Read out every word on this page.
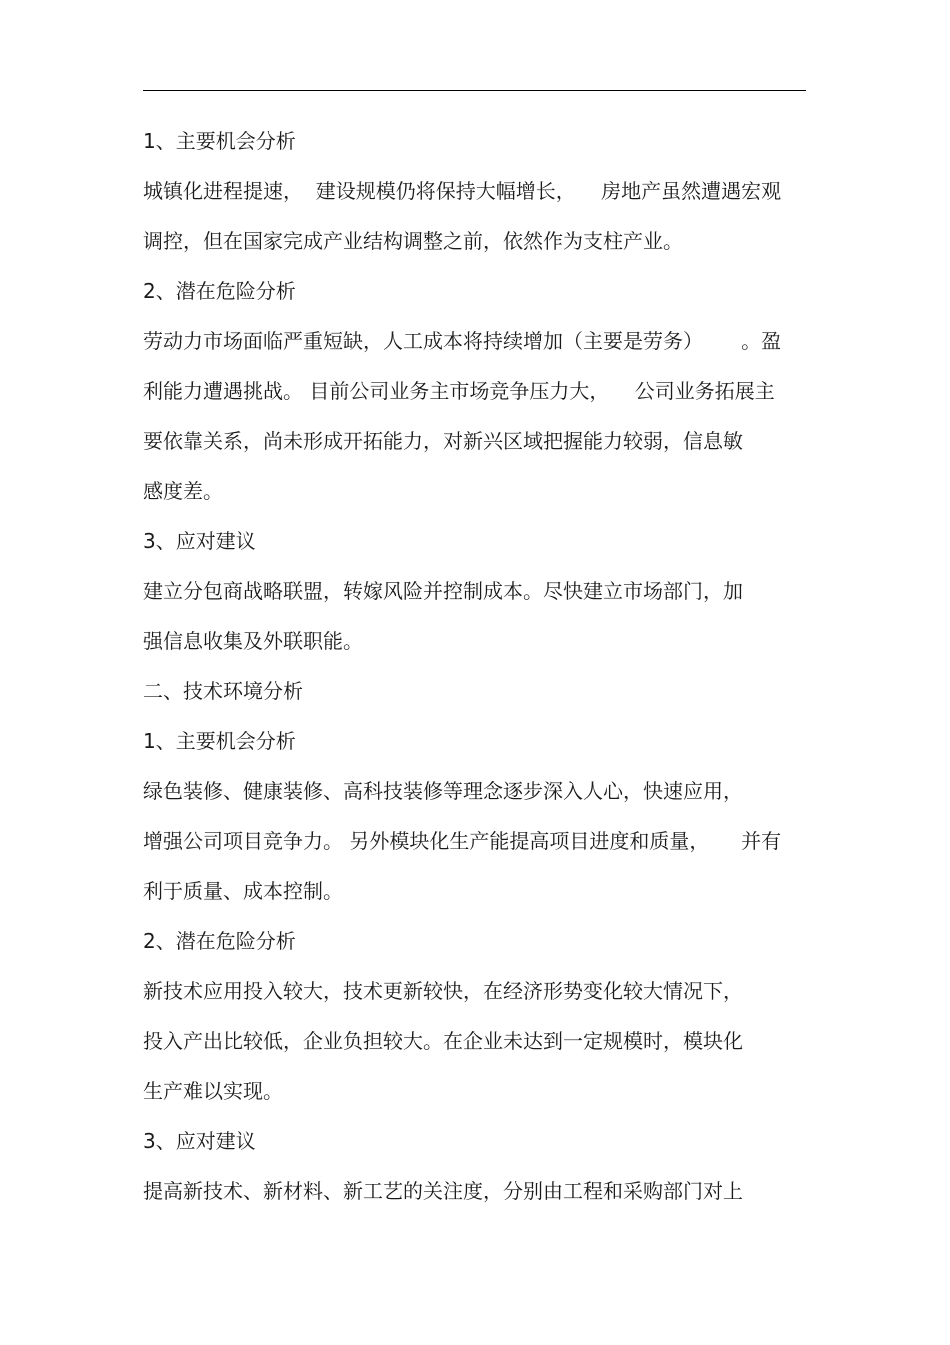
1、主要机会分析
城镇化进程提速，  建设规模仍将保持大幅增长，    房地产虽然遭遇宏观
调控，但在国家完成产业结构调整之前，依然作为支柱产业。
2、潜在危险分析
劳动力市场面临严重短缺，人工成本将持续增加（主要是劳务）      。盈
利能力遭遇挑战。 目前公司业务主市场竞争压力大，    公司业务拓展主
要依靠关系，尚未形成开拓能力，对新兴区域把握能力较弱，信息敏
感度差。
3、应对建议
建立分包商战略联盟，转嫁风险并控制成本。尽快建立市场部门，加
强信息收集及外联职能。
二、技术环境分析
1、主要机会分析
绿色装修、健康装修、高科技装修等理念逐步深入人心，快速应用，
增强公司项目竞争力。 另外模块化生产能提高项目进度和质量，     并有
利于质量、成本控制。
2、潜在危险分析
新技术应用投入较大，技术更新较快，在经济形势变化较大情况下，
投入产出比较低，企业负担较大。在企业未达到一定规模时，模块化
生产难以实现。
3、应对建议
提高新技术、新材料、新工艺的关注度，分别由工程和采购部门对上
